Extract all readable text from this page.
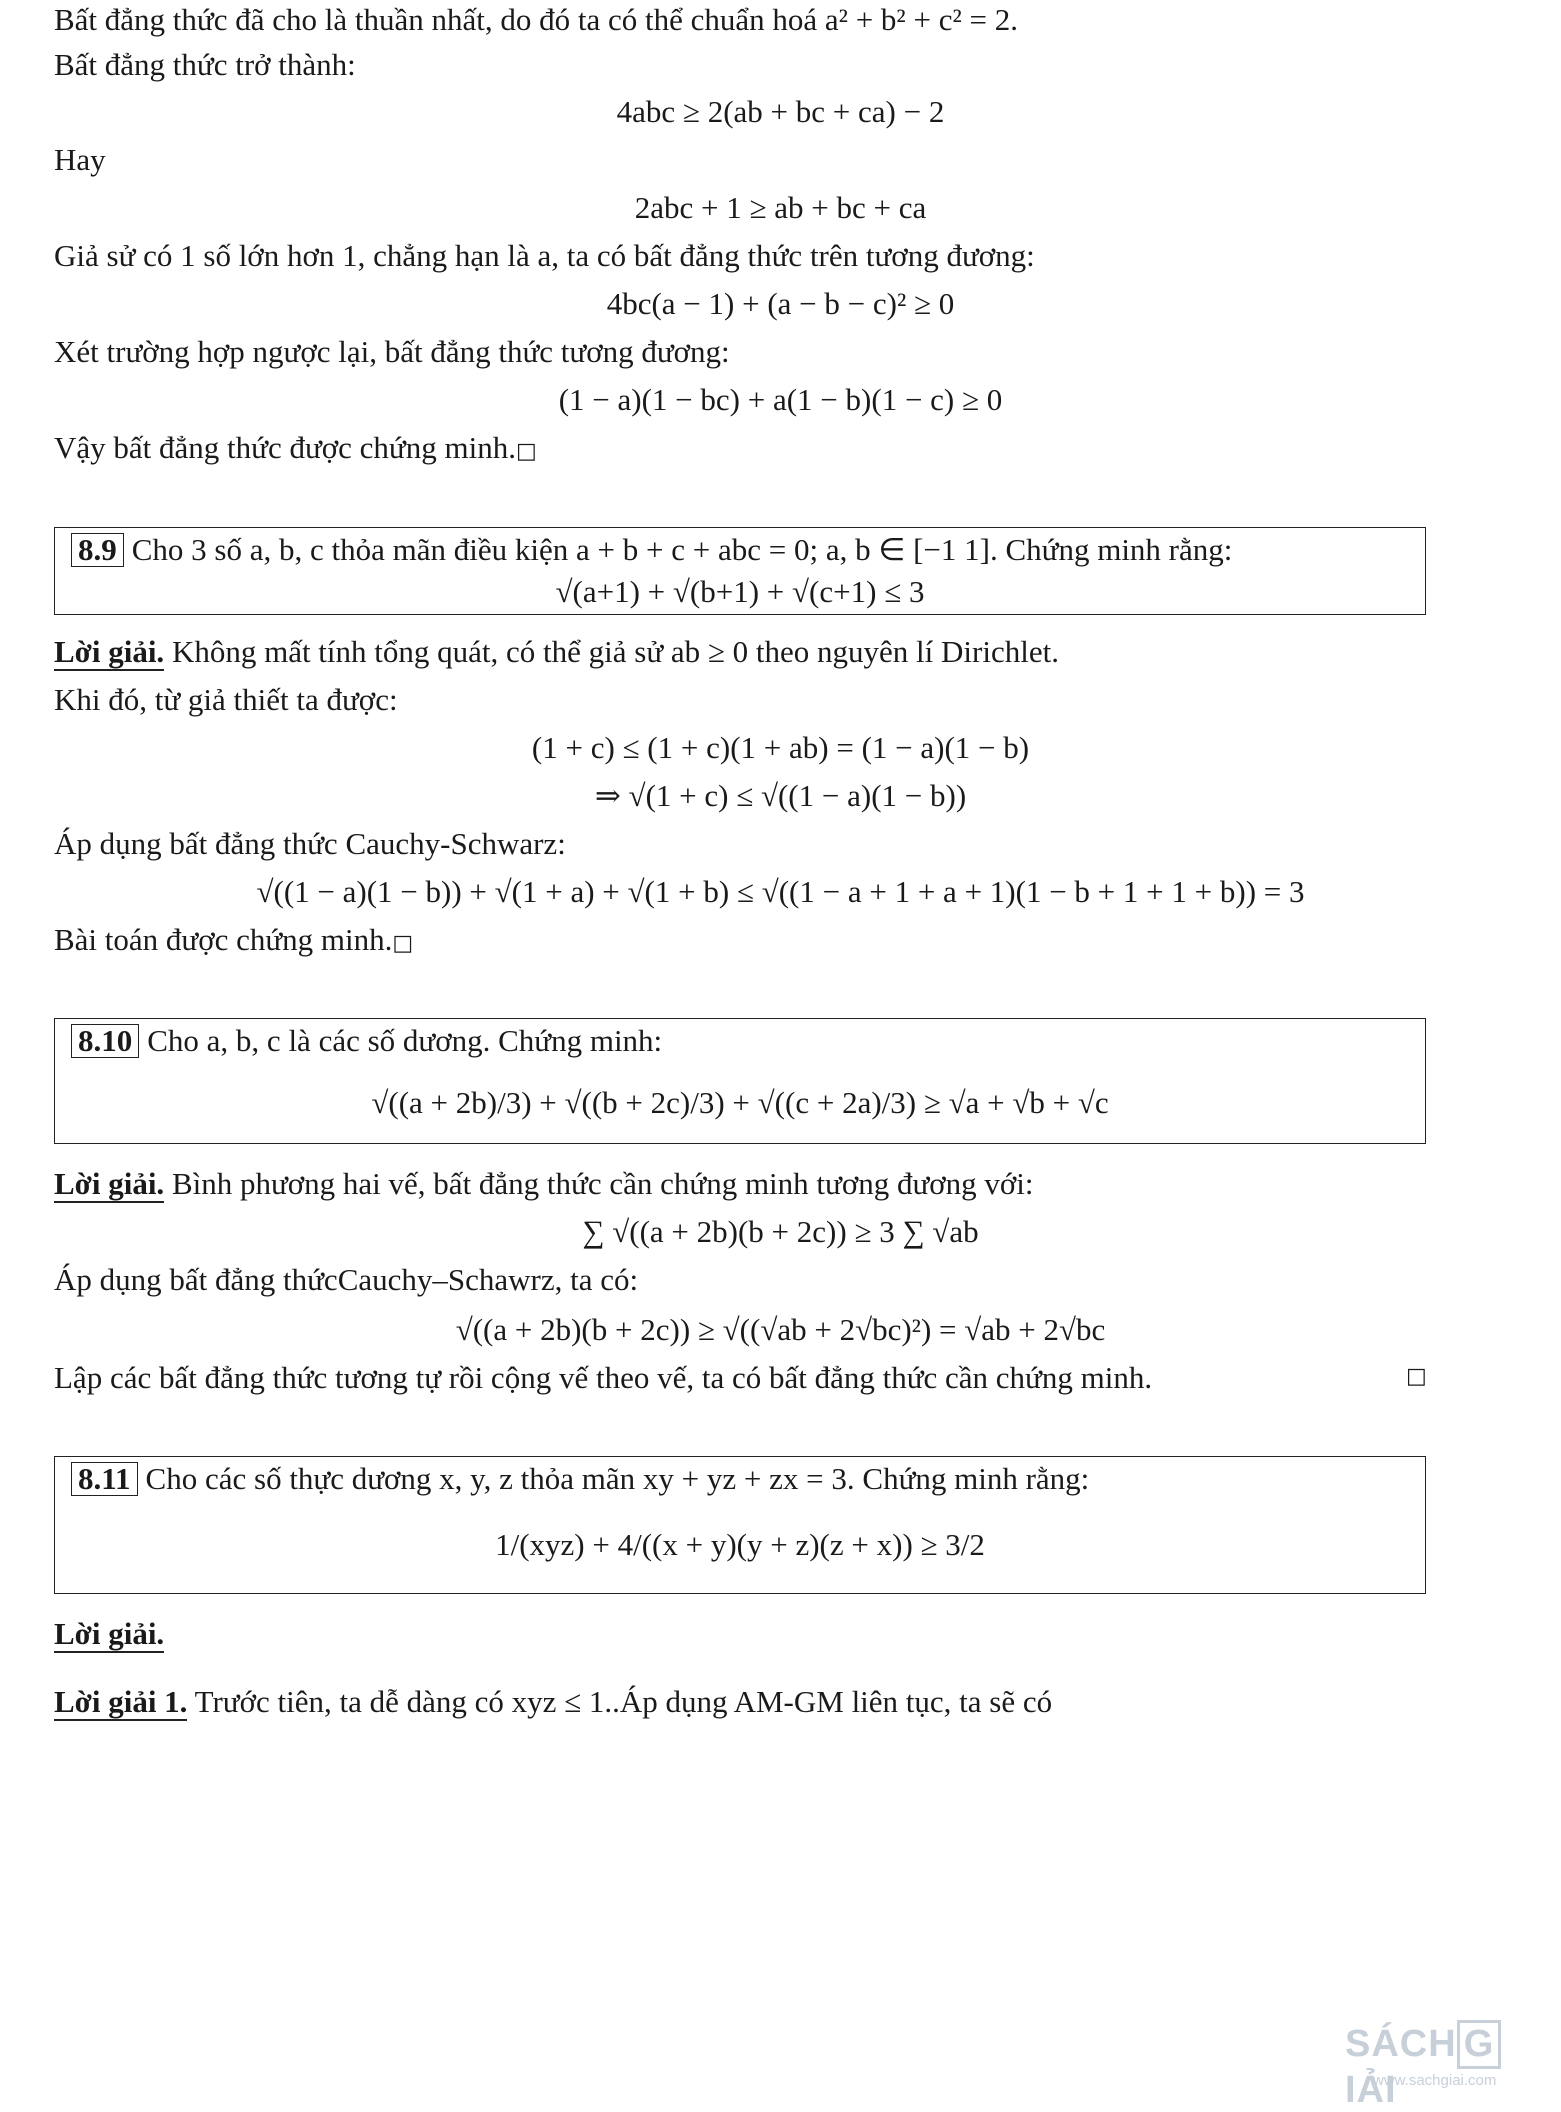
Bất đẳng thức đã cho là thuần nhất, do đó ta có thể chuẩn hoá a² + b² + c² = 2.
Bất đẳng thức trở thành:
4abc ≥ 2(ab + bc + ca) − 2
Hay
2abc + 1 ≥ ab + bc + ca
Giả sử có 1 số lớn hơn 1, chẳng hạn là a, ta có bất đẳng thức trên tương đương:
4bc(a − 1) + (a − b − c)² ≥ 0
Xét trường hợp ngược lại, bất đẳng thức tương đương:
(1 − a)(1 − bc) + a(1 − b)(1 − c) ≥ 0
Vậy bất đẳng thức được chứng minh.□
8.9 Cho 3 số a, b, c thỏa mãn điều kiện a + b + c + abc = 0; a, b ∈ [−1 1]. Chứng minh rằng:
√(a+1) + √(b+1) + √(c+1) ≤ 3
Lời giải. Không mất tính tổng quát, có thể giả sử ab ≥ 0 theo nguyên lí Dirichlet.
Khi đó, từ giả thiết ta được:
(1 + c) ≤ (1 + c)(1 + ab) = (1 − a)(1 − b)
⇒ √(1 + c) ≤ √((1 − a)(1 − b))
Áp dụng bất đẳng thức Cauchy-Schwarz:
√((1 − a)(1 − b)) + √(1 + a) + √(1 + b) ≤ √((1 − a + 1 + a + 1)(1 − b + 1 + 1 + b)) = 3
Bài toán được chứng minh.□
8.10 Cho a, b, c là các số dương. Chứng minh:
√((a + 2b)/3) + √((b + 2c)/3) + √((c + 2a)/3) ≥ √a + √b + √c
Lời giải. Bình phương hai vế, bất đẳng thức cần chứng minh tương đương với:
∑ √((a + 2b)(b + 2c)) ≥ 3 ∑ √ab
Áp dụng bất đẳng thứcCauchy–Schawrz, ta có:
√((a + 2b)(b + 2c)) ≥ √((√ab + 2√bc)²) = √ab + 2√bc
Lập các bất đẳng thức tương tự rồi cộng vế theo vế, ta có bất đẳng thức cần chứng minh.	□
8.11 Cho các số thực dương x, y, z thỏa mãn xy + yz + zx = 3. Chứng minh rằng:
1/(xyz) + 4/((x + y)(y + z)(z + x)) ≥ 3/2
Lời giải.
Lời giải 1. Trước tiên, ta dễ dàng có xyz ≤ 1..Áp dụng AM-GM liên tục, ta sẽ có
SÁCH GIẢI
www.sachgiai.com
